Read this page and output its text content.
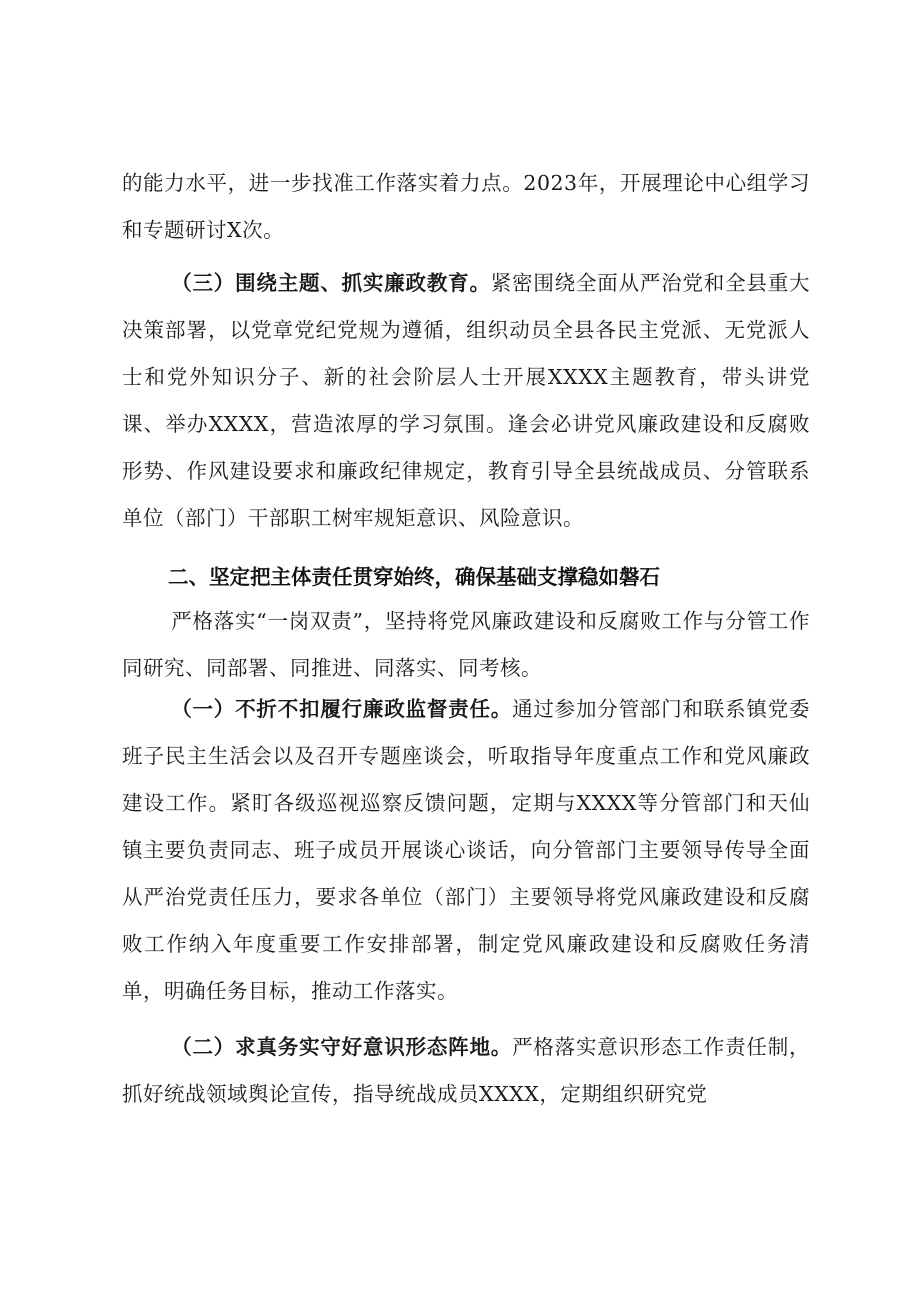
的能力水平，进一步找准工作落实着力点。2023年，开展理论中心组学习和专题研讨X次。

（三）围绕主题、抓实廉政教育。紧密围绕全面从严治党和全县重大决策部署，以党章党纪党规为遵循，组织动员全县各民主党派、无党派人士和党外知识分子、新的社会阶层人士开展XXXX主题教育，带头讲党课、举办XXXX，营造浓厚的学习氛围。逢会必讲党风廉政建设和反腐败形势、作风建设要求和廉政纪律规定，教育引导全县统战成员、分管联系单位（部门）干部职工树牢规矩意识、风险意识。

二、坚定把主体责任贯穿始终，确保基础支撑稳如磐石

严格落实“一岗双责”，坚持将党风廉政建设和反腐败工作与分管工作同研究、同部署、同推进、同落实、同考核。

（一）不折不扣履行廉政监督责任。通过参加分管部门和联系镇党委班子民主生活会以及召开专题座谈会，听取指导年度重点工作和党风廉政建设工作。紧盯各级巡视巡察反馈问题，定期与XXXX等分管部门和天仙镇主要负责同志、班子成员开展谈心谈话，向分管部门主要领导传导全面从严治党责任压力，要求各单位（部门）主要领导将党风廉政建设和反腐败工作纳入年度重要工作安排部署，制定党风廉政建设和反腐败任务清单，明确任务目标，推动工作落实。

（二）求真务实守好意识形态阵地。严格落实意识形态工作责任制，抓好统战领域舆论宣传，指导统战成员XXXX，定期组织研究党
